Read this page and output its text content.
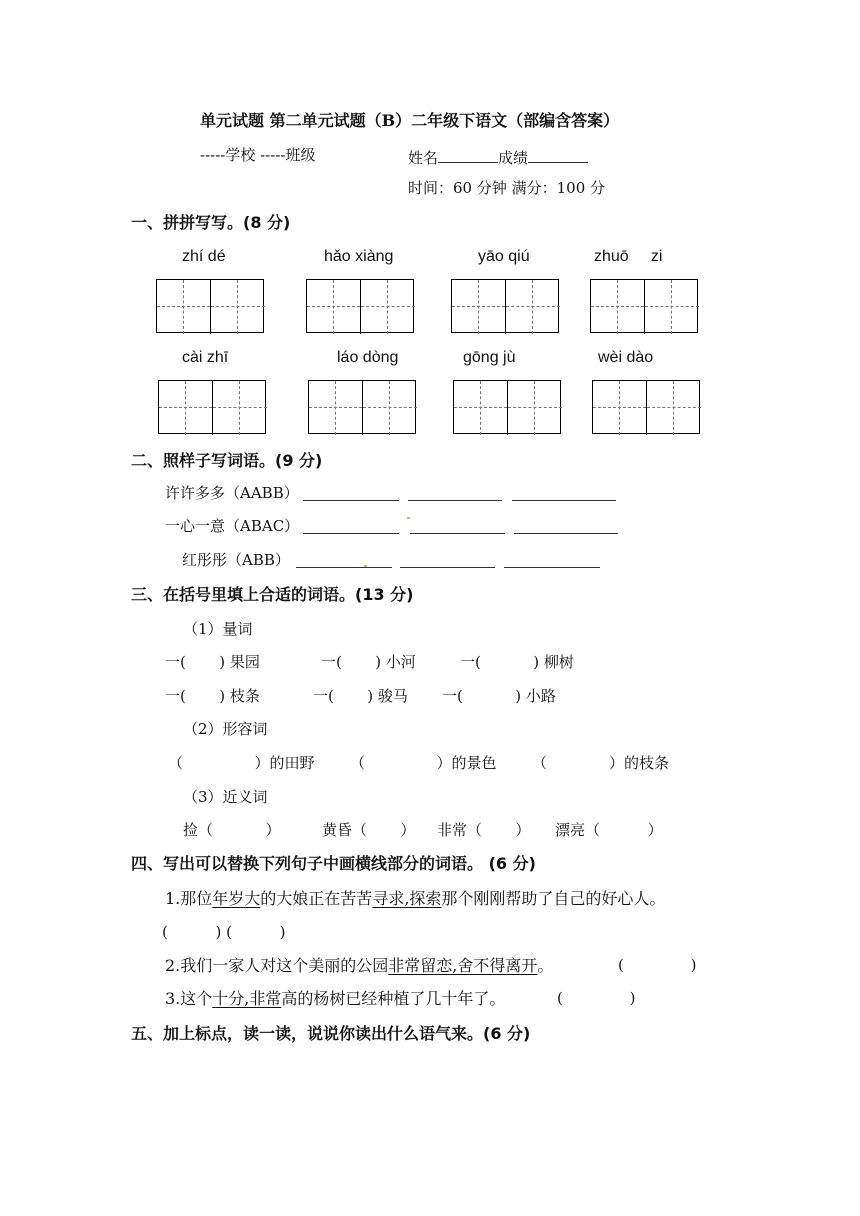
单元试题 第二单元试题（B）二年级下语文（部编含答案）
-----学校 -----班级	姓名	成绩
时间：60 分钟 满分：100 分
一、拼拼写写。(8 分)
zhí dé	hǎo xiàng	yāo qiú	zhuō     zi
cài zhī	láo dòng	gōng jù	wèi dào
二、照样子写词语。(9 分)
许许多多（AABB）
一心一意（ABAC）
红彤彤（ABB）
三、在括号里填上合适的词语。(13 分)
（1）量词
一(       ) 果园	一(       ) 小河	一(           ) 柳树
一(       ) 枝条	一(       ) 骏马 一(           ) 小路
（2）形容词
（               ）的田野 （               ）的景色 （             ）的枝条
（3）近义词
捡（           ）	黄昏（       ） 非常（       ） 漂亮（          ）
四、写出可以替换下列句子中画横线部分的词语。 (6 分)
1.那位年岁大的大娘正在苦苦寻求,探索那个刚刚帮助了自己的好心人。
(          ) (          )
2.我们一家人对这个美丽的公园非常留恋,舍不得离开。	(              )
3.这个十分,非常高的杨树已经种植了几十年了。	(              )
五、加上标点，读一读，说说你读出什么语气来。(6 分)
